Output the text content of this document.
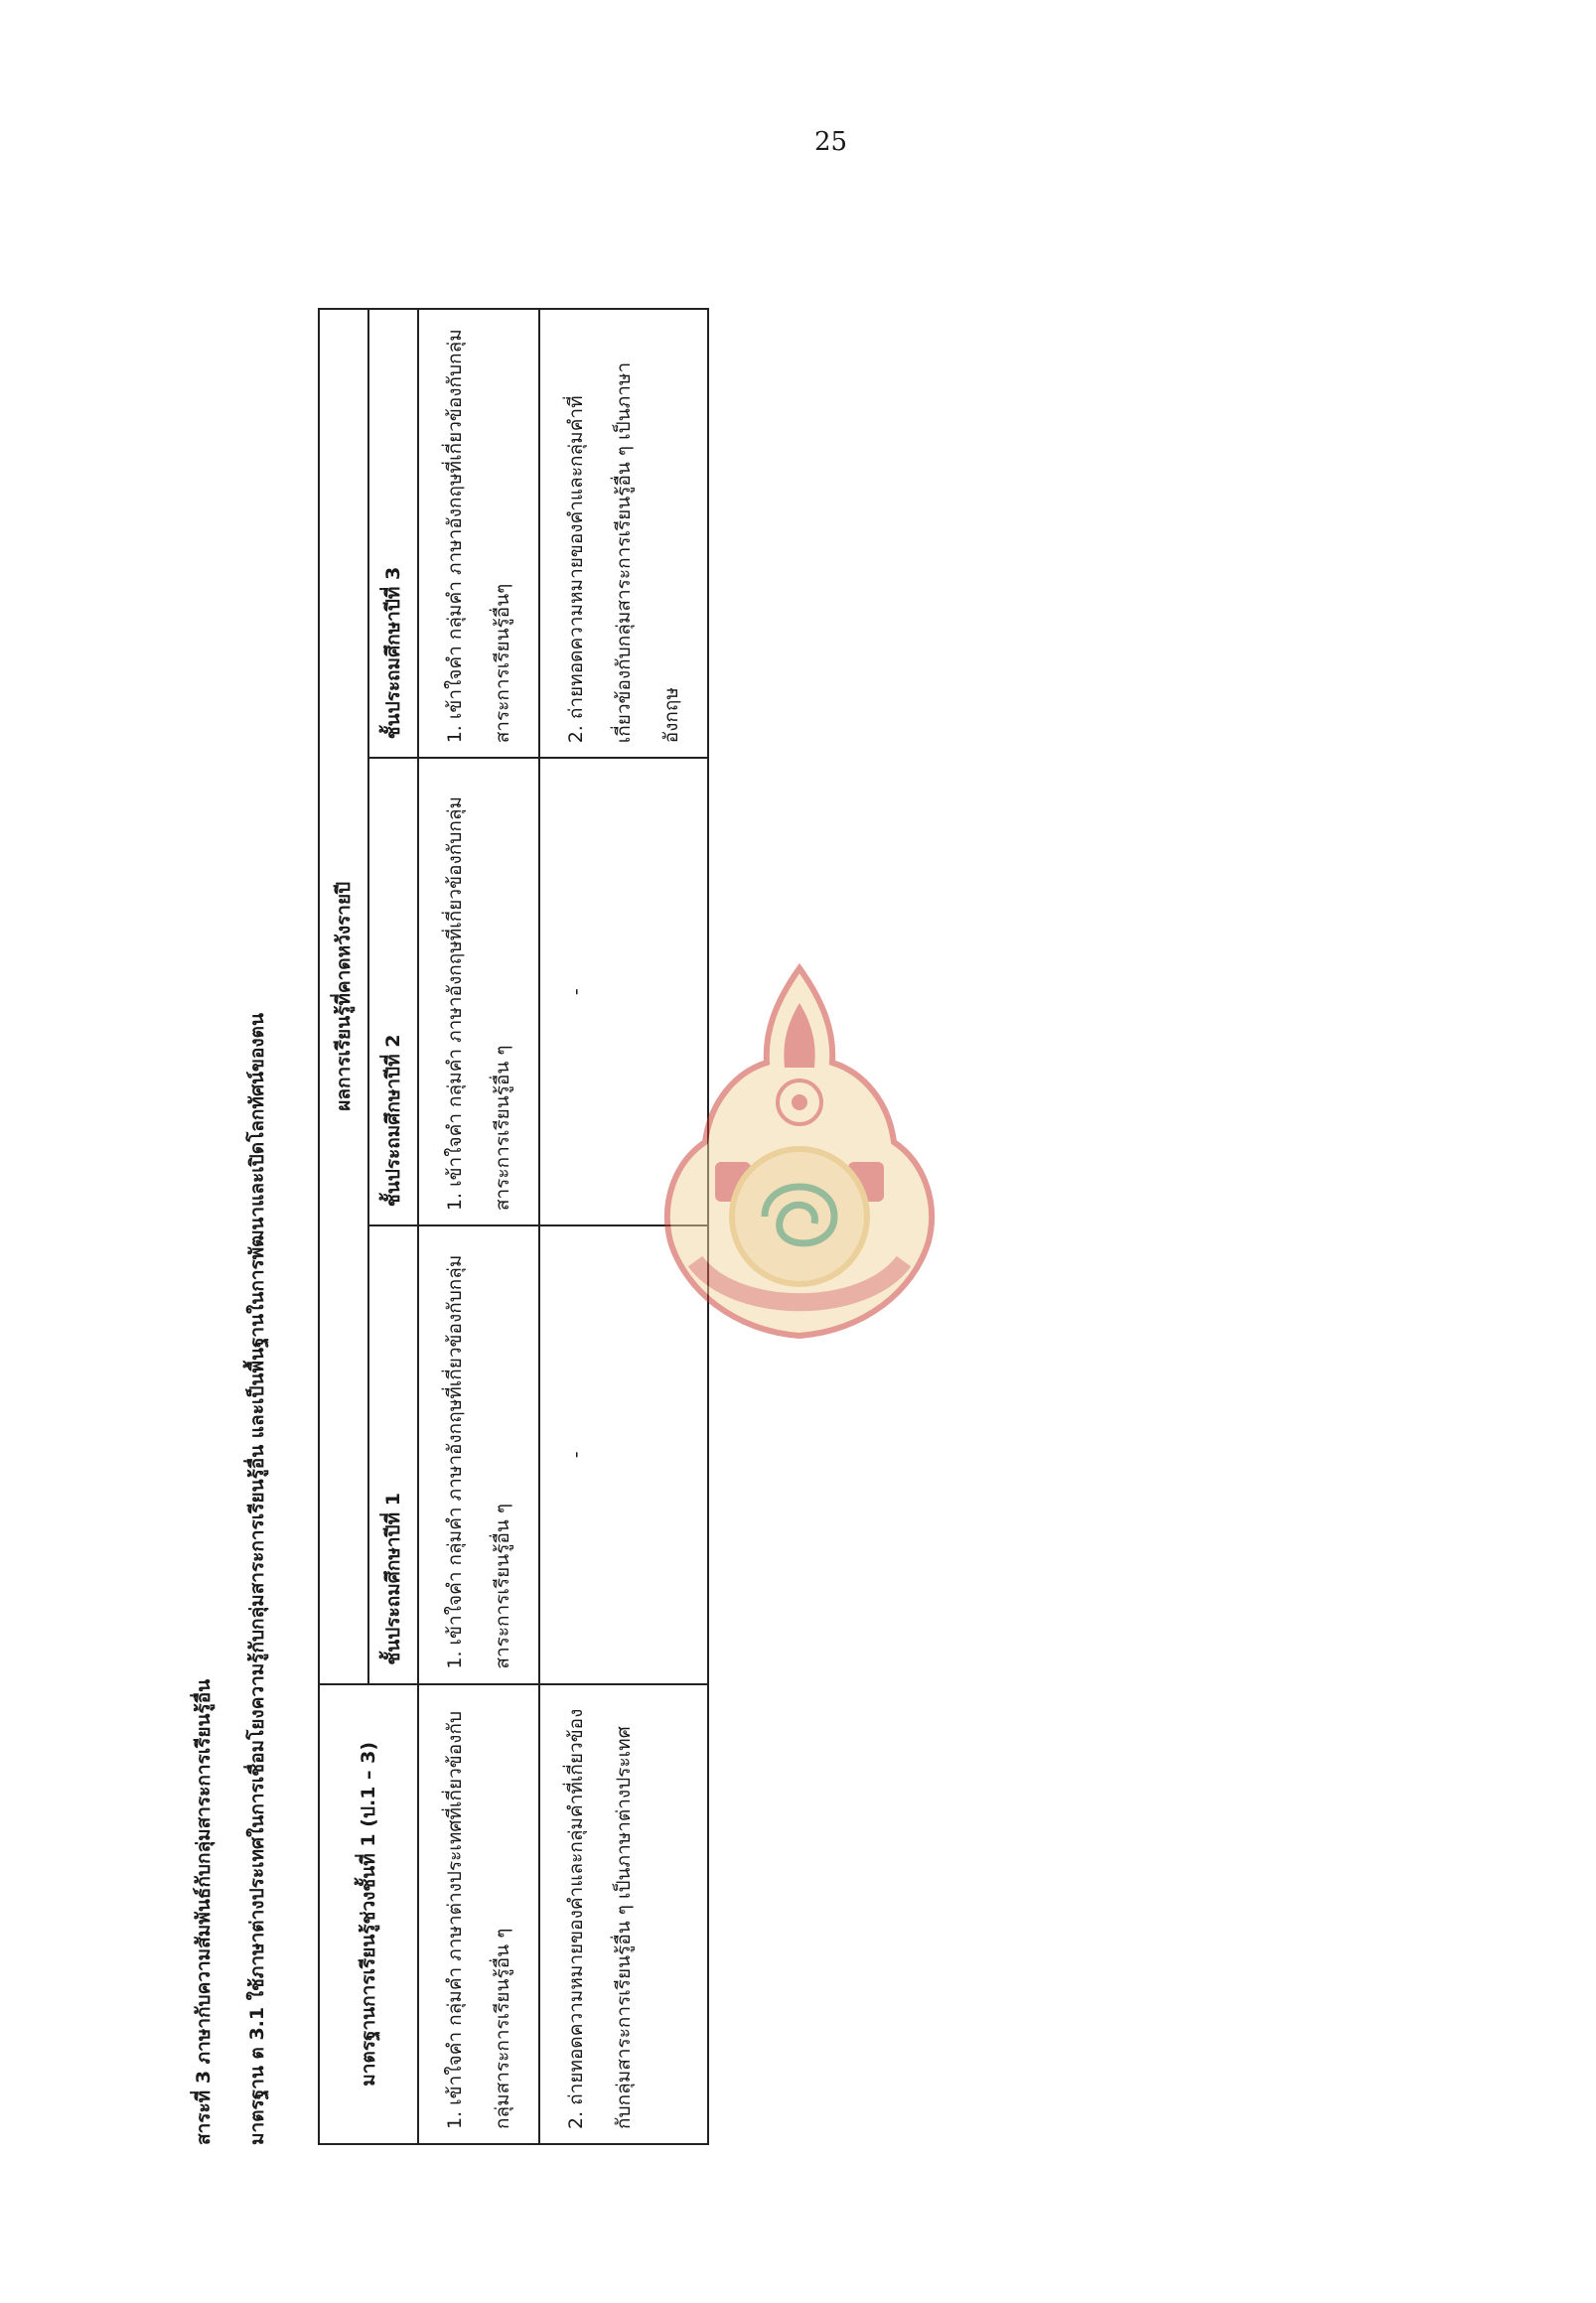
25
สาระที่ 3 ภาษากับความสัมพันธ์กับกลุ่มสาระการเรียนรู้อื่น มาตรฐาน ต 3.1 ใช้ภาษาต่างประเทศในการเชื่อมโยงความรู้กับกลุ่มสาระการเรียนรู้อื่น และเป็นพื้นฐานในการพัฒนาและเปิดโลกทัศน์ของตน	มาตรฐานการเรียนรู้ช่วงชั้นที่ 1 (ป.1 – 3)	ผลการเรียนรู้ที่คาดหวังรายปี		
	ชั้นประถมศึกษาปีที่ 1	ชั้นประถมศึกษาปีที่ 2	ชั้นประถมศึกษาปีที่ 3
1. เข้าใจคำ กลุ่มคำ ภาษาต่างประเทศที่เกี่ยวข้องกับกลุ่มสาระการเรียนรู้อื่น ๆ	1. เข้าใจคำ กลุ่มคำ ภาษาอังกฤษที่เกี่ยวข้องกับกลุ่มสาระการเรียนรู้อื่น ๆ	1. เข้าใจคำ กลุ่มคำ ภาษาอังกฤษที่เกี่ยวข้องกับกลุ่มสาระการเรียนรู้อื่น ๆ	1. เข้าใจคำ กลุ่มคำ ภาษาอังกฤษที่เกี่ยวข้องกับกลุ่มสาระการเรียนรู้อื่นๆ
2. ถ่ายทอดความหมายของคำและกลุ่มคำที่เกี่ยวข้องกับกลุ่มสาระการเรียนรู้อื่น ๆ เป็นภาษาต่างประเทศ	-	-	2. ถ่ายทอดความหมายของคำและกลุ่มคำที่เกี่ยวข้องกับกลุ่มสาระการเรียนรู้อื่น ๆ เป็นภาษาอังกฤษ
